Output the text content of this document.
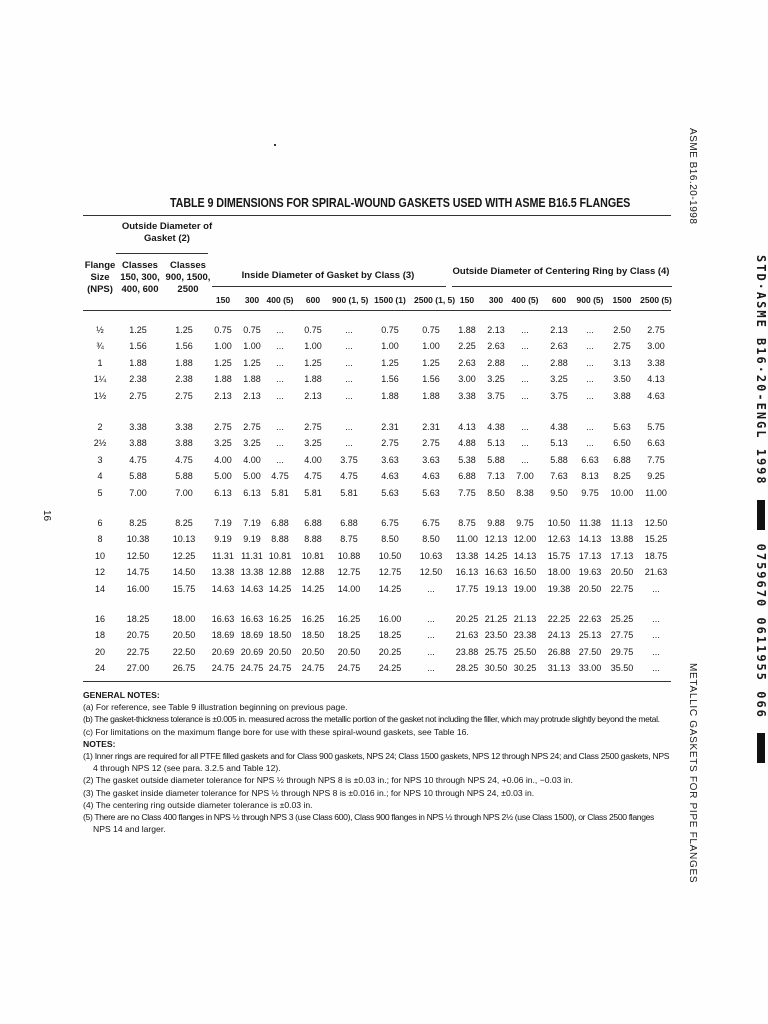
ASME B16.20-1998
STD·ASME B16·20-ENGL 1998
0759670 0611955 066
METALLIC GASKETS FOR PIPE FLANGES
16
TABLE 9 DIMENSIONS FOR SPIRAL-WOUND GASKETS USED WITH ASME B16.5 FLANGES
Outside Diameter of
Gasket (2)
Flange
Size
(NPS)
Classes
150, 300,
400, 600
Classes
900, 1500,
2500
Inside Diameter of Gasket by Class (3)	Outside Diameter of Centering Ring by Class (4)
150	300 400 (5)	600	900 (1, 5) 1500 (1) 2500 (1, 5) 150	300 400 (5)	600	900 (5)	1500	2500 (5)
½	1.25	1.25	0.75	0.75	...	0.75	...	0.75	0.75	1.88	2.13	...	2.13	...	2.50	2.75
¾	1.56	1.56	1.00	1.00	...	1.00	...	1.00	1.00	2.25	2.63	...	2.63	...	2.75	3.00
1	1.88	1.88	1.25	1.25	...	1.25	...	1.25	1.25	2.63	2.88	...	2.88	...	3.13	3.38
1¼	2.38	2.38	1.88	1.88	...	1.88	...	1.56	1.56	3.00	3.25	...	3.25	...	3.50	4.13
1½	2.75	2.75	2.13	2.13	...	2.13	...	1.88	1.88	3.38	3.75	...	3.75	...	3.88	4.63
2	3.38	3.38	2.75	2.75	...	2.75	...	2.31	2.31	4.13	4.38	...	4.38	...	5.63	5.75
2½	3.88	3.88	3.25	3.25	...	3.25	...	2.75	2.75	4.88	5.13	...	5.13	...	6.50	6.63
3	4.75	4.75	4.00	4.00	...	4.00	3.75	3.63	3.63	5.38	5.88	...	5.88	6.63	6.88	7.75
4	5.88	5.88	5.00	5.00	4.75	4.75	4.75	4.63	4.63	6.88	7.13	7.00	7.63	8.13	8.25	9.25
5	7.00	7.00	6.13	6.13	5.81	5.81	5.81	5.63	5.63	7.75	8.50	8.38	9.50	9.75	10.00	11.00
6	8.25	8.25	7.19	7.19	6.88	6.88	6.88	6.75	6.75	8.75	9.88	9.75	10.50 11.38	11.13	12.50
8	10.38	10.13	9.19	9.19	8.88	8.88	8.75	8.50	8.50	11.00 12.13 12.00	12.63 14.13	13.88	15.25
10	12.50	12.25	11.31 11.31 10.81	10.81	10.88	10.50	10.63	13.38 14.25 14.13	15.75 17.13	17.13	18.75
12	14.75	14.50	13.38 13.38 12.88	12.88	12.75	12.75	12.50	16.13 16.63 16.50	18.00 19.63	20.50	21.63
14	16.00	15.75	14.63 14.63 14.25	14.25	14.00	14.25	...	17.75 19.13 19.00	19.38 20.50	22.75	...
16	18.25	18.00	16.63 16.63 16.25	16.25	16.25	16.00	...	20.25 21.25 21.13	22.25 22.63	25.25	...
18	20.75	20.50	18.69 18.69 18.50	18.50	18.25	18.25	...	21.63 23.50 23.38	24.13 25.13	27.75	...
20	22.75	22.50	20.69 20.69 20.50	20.50	20.50	20.25	...	23.88 25.75 25.50	26.88 27.50	29.75	...
24	27.00	26.75	24.75 24.75 24.75	24.75	24.75	24.25	...	28.25 30.50 30.25	31.13 33.00	35.50	...
GENERAL NOTES:
(a) For reference, see Table 9 illustration beginning on previous page.
(b) The gasket-thickness tolerance is ±0.005 in. measured across the metallic portion of the gasket not including the filler, which may protrude slightly beyond the metal.
(c) For limitations on the maximum flange bore for use with these spiral-wound gaskets, see Table 16.
NOTES:
(1) Inner rings are required for all PTFE filled gaskets and for Class 900 gaskets, NPS 24; Class 1500 gaskets, NPS 12 through NPS 24; and Class 2500 gaskets, NPS
4 through NPS 12 (see para. 3.2.5 and Table 12).
(2) The gasket outside diameter tolerance for NPS ½ through NPS 8 is ±0.03 in.; for NPS 10 through NPS 24, +0.06 in., −0.03 in.
(3) The gasket inside diameter tolerance for NPS ½ through NPS 8 is ±0.016 in.; for NPS 10 through NPS 24, ±0.03 in.
(4) The centering ring outside diameter tolerance is ±0.03 in.
(5) There are no Class 400 flanges in NPS ½ through NPS 3 (use Class 600), Class 900 flanges in NPS ½ through NPS 2½ (use Class 1500), or Class 2500 flanges
NPS 14 and larger.
